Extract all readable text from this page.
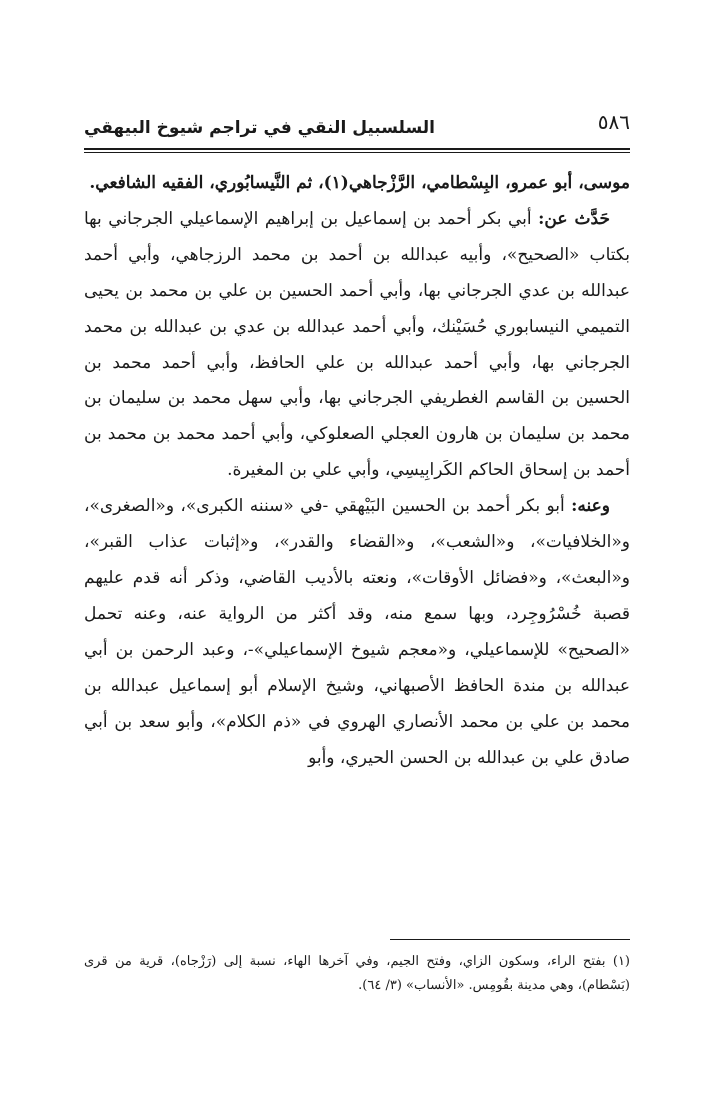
السلسبيل النقي في تراجم شيوخ البيهقي	٥٨٦

موسى، أبو عمرو، البِسْطامي، الرَّزْجاهي(١)، ثم النَّيسابُوري، الفقيه الشافعي.

حَدَّث عن: أبي بكر أحمد بن إسماعيل بن إبراهيم الإسماعيلي الجرجاني بها بكتاب «الصحيح»، وأبيه عبدالله بن أحمد بن محمد الرزجاهي، وأبي أحمد عبدالله بن عدي الجرجاني بها، وأبي أحمد الحسين بن علي بن محمد بن يحيى التميمي النيسابوري حُسَيْنك، وأبي أحمد عبدالله بن عدي بن عبدالله بن محمد الجرجاني بها، وأبي أحمد عبدالله بن علي الحافظ، وأبي أحمد محمد بن الحسين بن القاسم الغطريفي الجرجاني بها، وأبي سهل محمد بن سليمان بن محمد بن سليمان بن هارون العجلي الصعلوكي، وأبي أحمد محمد بن محمد بن أحمد بن إسحاق الحاكم الكَرابِيسِي، وأبي علي بن المغيرة.

وعنه: أبو بكر أحمد بن الحسين البَيْهقي -في «سننه الكبرى»، و«الصغرى»، و«الخلافيات»، و«الشعب»، و«القضاء والقدر»، و«إثبات عذاب القبر»، و«البعث»، و«فضائل الأوقات»، ونعته بالأديب القاضي، وذكر أنه قدم عليهم قصبة خُسْرُوجِرد، وبها سمع منه، وقد أكثر من الرواية عنه، وعنه تحمل «الصحيح» للإسماعيلي، و«معجم شيوخ الإسماعيلي»-، وعبد الرحمن بن أبي عبدالله بن مندة الحافظ الأصبهاني، وشيخ الإسلام أبو إسماعيل عبدالله بن محمد بن علي بن محمد الأنصاري الهروي في «ذم الكلام»، وأبو سعد بن أبي صادق علي بن عبدالله بن الحسن الحيري، وأبو

(١) بفتح الراء، وسكون الزاي، وفتح الجيم، وفي آخرها الهاء، نسبة إلى (رَزْجاه)، قرية من قرى (بَسْطام)، وهي مدينة بقُومِس. «الأنساب» (٣/ ٦٤).
